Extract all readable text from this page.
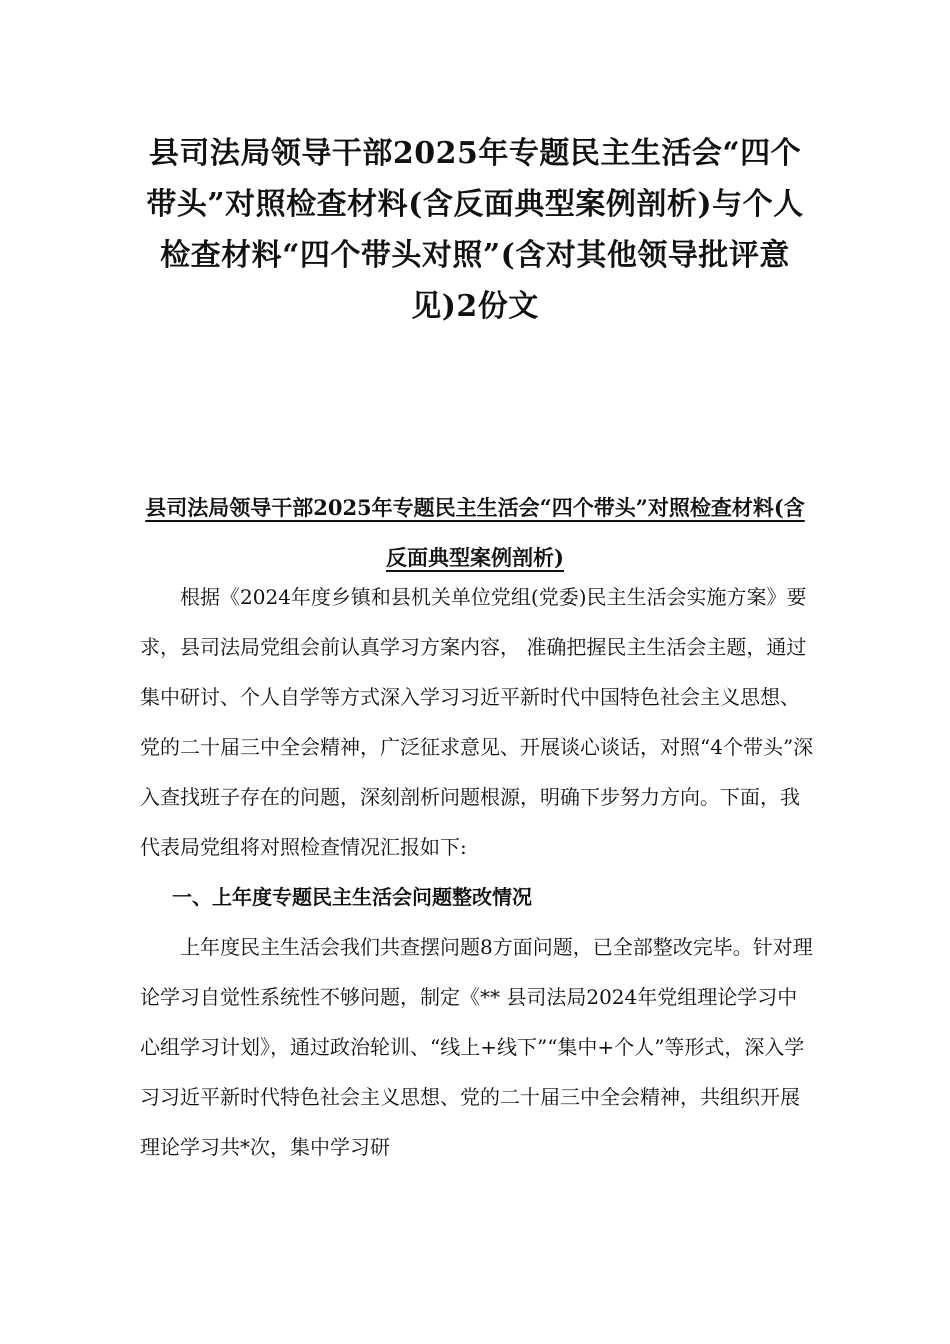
县司法局领导干部2025年专题民主生活会“四个带头”对照检查材料(含反面典型案例剖析)与个人检查材料“四个带头对照”(含对其他领导批评意见)2份文
县司法局领导干部2025年专题民主生活会“四个带头”对照检查材料(含反面典型案例剖析)

根据《2024年度乡镇和县机关单位党组(党委)民主生活会实施方案》要求，县司法局党组会前认真学习方案内容， 准确把握民主生活会主题，通过集中研讨、个人自学等方式深入学习习近平新时代中国特色社会主义思想、党的二十届三中全会精神，广泛征求意见、开展谈心谈话，对照“4个带头”深入查找班子存在的问题，深刻剖析问题根源，明确下步努力方向。下面，我代表局党组将对照检查情况汇报如下:

一、上年度专题民主生活会问题整改情况

上年度民主生活会我们共查摆问题8方面问题，已全部整改完毕。针对理论学习自觉性系统性不够问题，制定《** 县司法局2024年党组理论学习中心组学习计划》，通过政治轮训、“线上+线下”“集中+个人”等形式，深入学习习近平新时代特色社会主义思想、党的二十届三中全会精神，共组织开展理论学习共*次，集中学习研
